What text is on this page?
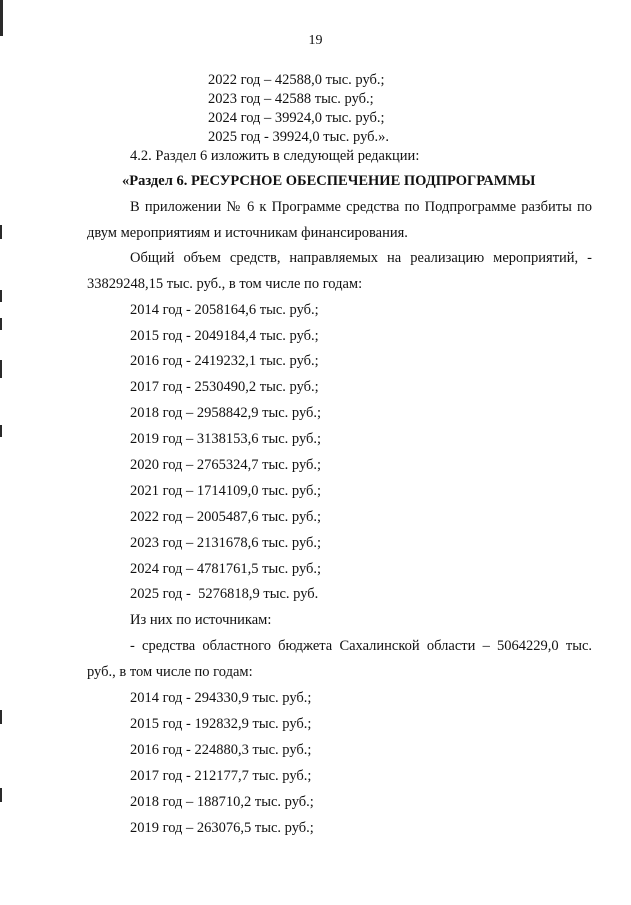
19
2022 год – 42588,0 тыс. руб.;
2023 год – 42588 тыс. руб.;
2024 год – 39924,0 тыс. руб.;
2025 год - 39924,0 тыс. руб.».
4.2. Раздел 6 изложить в следующей редакции:
«Раздел 6. РЕСУРСНОЕ ОБЕСПЕЧЕНИЕ ПОДПРОГРАММЫ
В приложении № 6 к Программе средства по Подпрограмме разбиты по
двум мероприятиям и источникам финансирования.
Общий объем средств, направляемых на реализацию мероприятий, -
33829248,15 тыс. руб., в том числе по годам:
2014 год - 2058164,6 тыс. руб.;
2015 год - 2049184,4 тыс. руб.;
2016 год - 2419232,1 тыс. руб.;
2017 год - 2530490,2 тыс. руб.;
2018 год – 2958842,9 тыс. руб.;
2019 год – 3138153,6 тыс. руб.;
2020 год – 2765324,7 тыс. руб.;
2021 год – 1714109,0 тыс. руб.;
2022 год – 2005487,6 тыс. руб.;
2023 год – 2131678,6 тыс. руб.;
2024 год – 4781761,5 тыс. руб.;
2025 год -  5276818,9 тыс. руб.
Из них по источникам:
- средства областного бюджета Сахалинской области – 5064229,0 тыс.
руб., в том числе по годам:
2014 год - 294330,9 тыс. руб.;
2015 год - 192832,9 тыс. руб.;
2016 год - 224880,3 тыс. руб.;
2017 год - 212177,7 тыс. руб.;
2018 год – 188710,2 тыс. руб.;
2019 год – 263076,5 тыс. руб.;
